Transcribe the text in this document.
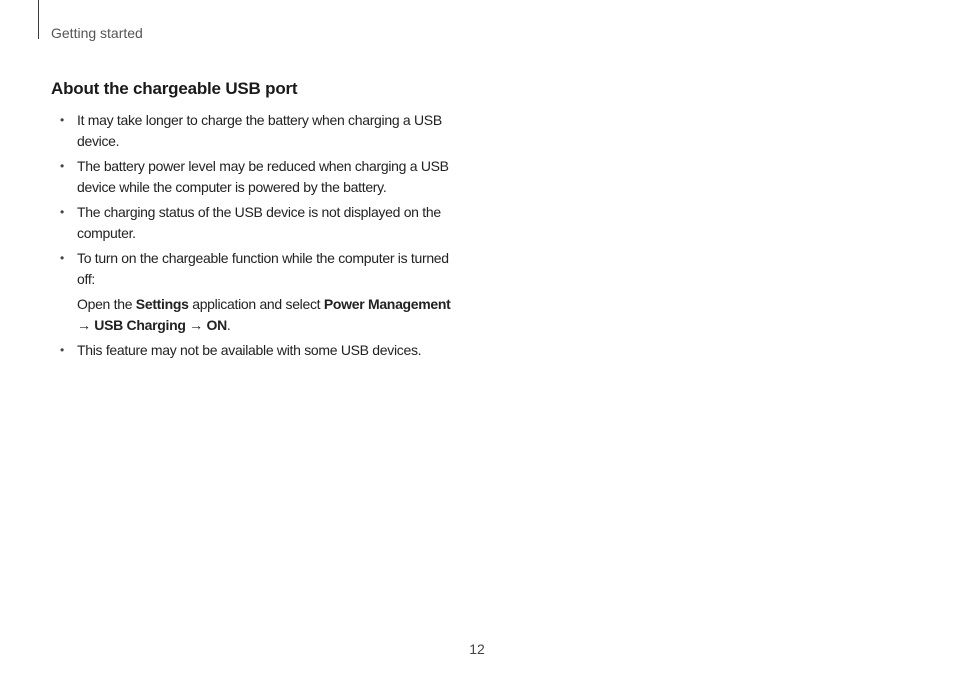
Getting started
About the chargeable USB port
• It may take longer to charge the battery when charging a USB device.
• The battery power level may be reduced when charging a USB device while the computer is powered by the battery.
• The charging status of the USB device is not displayed on the computer.
• To turn on the chargeable function while the computer is turned off:
Open the Settings application and select Power Management → USB Charging → ON.
• This feature may not be available with some USB devices.
12
